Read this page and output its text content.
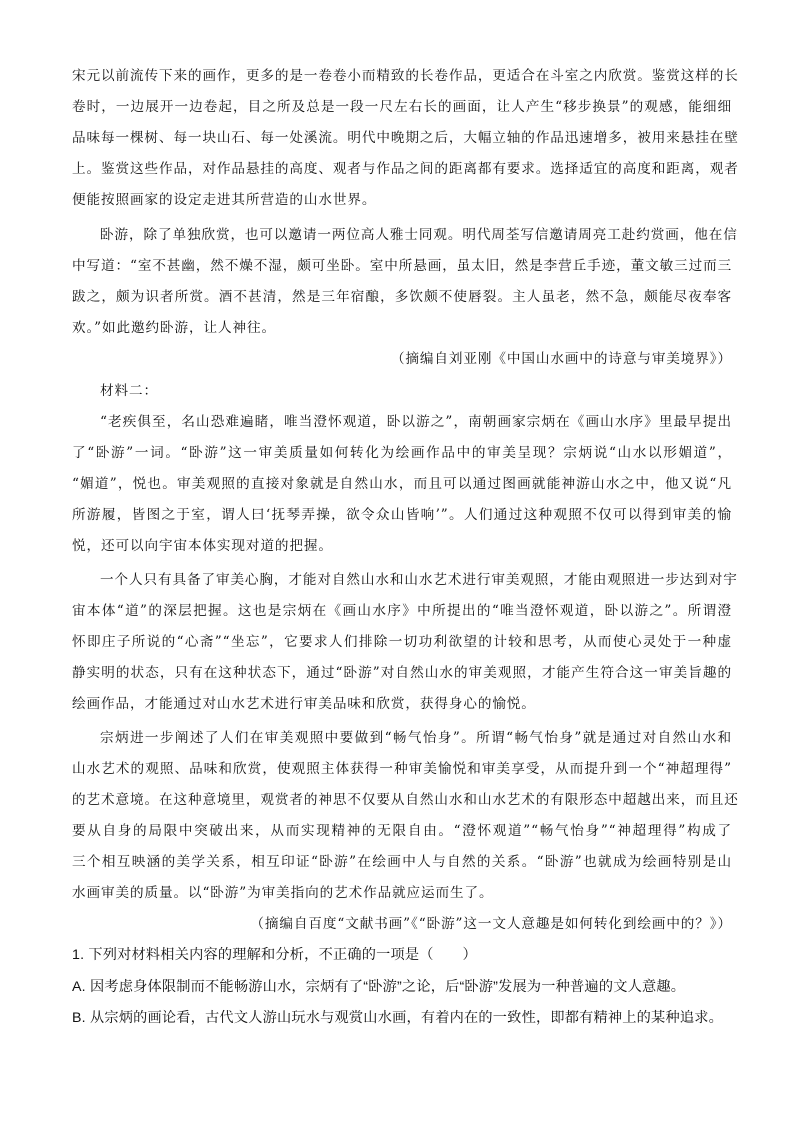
宋元以前流传下来的画作，更多的是一卷卷小而精致的长卷作品，更适合在斗室之内欣赏。鉴赏这样的长
卷时，一边展开一边卷起，目之所及总是一段一尺左右长的画面，让人产生“移步换景”的观感，能细细
品味每一棵树、每一块山石、每一处溪流。明代中晚期之后，大幅立轴的作品迅速增多，被用来悬挂在壁
上。鉴赏这些作品，对作品悬挂的高度、观者与作品之间的距离都有要求。选择适宜的高度和距离，观者
便能按照画家的设定走进其所营造的山水世界。
卧游，除了单独欣赏，也可以邀请一两位高人雅士同观。明代周荃写信邀请周亮工赴约赏画，他在信
中写道：“室不甚幽，然不燥不湿，颇可坐卧。室中所悬画，虽太旧，然是李营丘手迹，董文敏三过而三
跋之，颇为识者所赏。酒不甚清，然是三年宿酿，多饮颇不使唇裂。主人虽老，然不急，颇能尽夜奉客
欢。”如此邀约卧游，让人神往。
（摘编自刘亚刚《中国山水画中的诗意与审美境界》）
材料二：
“老疾俱至，名山恐难遍睹，唯当澄怀观道，卧以游之”，南朝画家宗炳在《画山水序》里最早提出
了“卧游”一词。“卧游”这一审美质量如何转化为绘画作品中的审美呈现？宗炳说“山水以形媚道”，
“媚道”，悦也。审美观照的直接对象就是自然山水，而且可以通过图画就能神游山水之中，他又说“凡
所游履，皆图之于室，谓人曰‘抚琴弄操，欲令众山皆响’”。人们通过这种观照不仅可以得到审美的愉
悦，还可以向宇宙本体实现对道的把握。
一个人只有具备了审美心胸，才能对自然山水和山水艺术进行审美观照，才能由观照进一步达到对宇
宙本体“道”的深层把握。这也是宗炳在《画山水序》中所提出的“唯当澄怀观道，卧以游之”。所谓澄
怀即庄子所说的“心斋”“坐忘”，它要求人们排除一切功利欲望的计较和思考，从而使心灵处于一种虚
静实明的状态，只有在这种状态下，通过“卧游”对自然山水的审美观照，才能产生符合这一审美旨趣的
绘画作品，才能通过对山水艺术进行审美品味和欣赏，获得身心的愉悦。
宗炳进一步阐述了人们在审美观照中要做到“畅气怡身”。所谓“畅气怡身”就是通过对自然山水和
山水艺术的观照、品味和欣赏，使观照主体获得一种审美愉悦和审美享受，从而提升到一个“神超理得”
的艺术意境。在这种意境里，观赏者的神思不仅要从自然山水和山水艺术的有限形态中超越出来，而且还
要从自身的局限中突破出来，从而实现精神的无限自由。“澄怀观道”“畅气怡身”“神超理得”构成了
三个相互映涵的美学关系，相互印证“卧游”在绘画中人与自然的关系。“卧游”也就成为绘画特别是山
水画审美的质量。以“卧游”为审美指向的艺术作品就应运而生了。
（摘编自百度“文献书画”《“卧游”这一文人意趣是如何转化到绘画中的？》）
1. 下列对材料相关内容的理解和分析，不正确的一项是（　　）
A. 因考虑身体限制而不能畅游山水，宗炳有了“卧游”之论，后“卧游”发展为一种普遍的文人意趣。
B. 从宗炳的画论看，古代文人游山玩水与观赏山水画，有着内在的一致性，即都有精神上的某种追求。
